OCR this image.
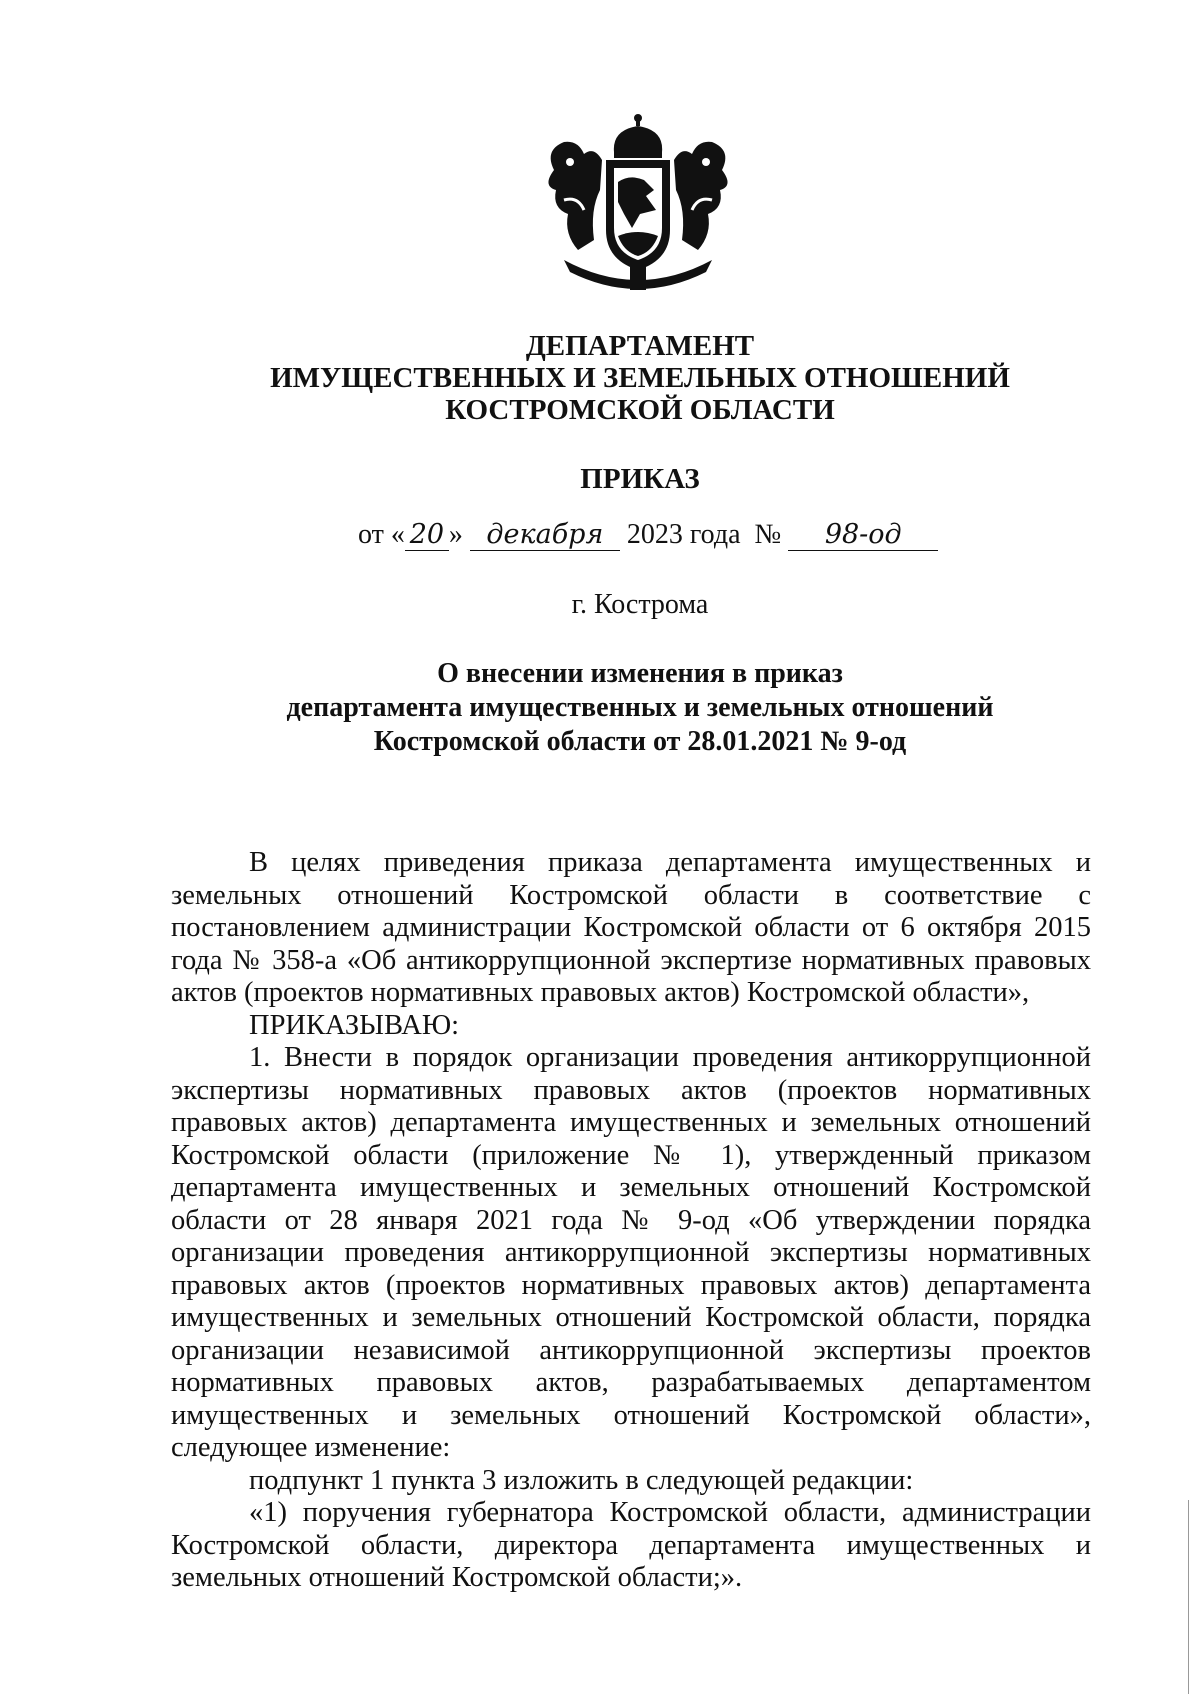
ДЕПАРТАМЕНТ
ИМУЩЕСТВЕННЫХ И ЗЕМЕЛЬНЫХ ОТНОШЕНИЙ
КОСТРОМСКОЙ ОБЛАСТИ
ПРИКАЗ
от « 20 » декабря 2023 года № 98-од
г. Кострома
О внесении изменения в приказ
департамента имущественных и земельных отношений
Костромской области от 28.01.2021 № 9-од

В целях приведения приказа департамента имущественных и земельных отношений Костромской области в соответствие с постановлением администрации Костромской области от 6 октября 2015 года № 358-а «Об антикоррупционной экспертизе нормативных правовых актов (проектов нормативных правовых актов) Костромской области»,

ПРИКАЗЫВАЮ:

1. Внести в порядок организации проведения антикоррупционной экспертизы нормативных правовых актов (проектов нормативных правовых актов) департамента имущественных и земельных отношений Костромской области (приложение № 1), утвержденный приказом департамента имущественных и земельных отношений Костромской области от 28 января 2021 года № 9-од «Об утверждении порядка организации проведения антикоррупционной экспертизы нормативных правовых актов (проектов нормативных правовых актов) департамента имущественных и земельных отношений Костромской области, порядка организации независимой антикоррупционной экспертизы проектов нормативных правовых актов, разрабатываемых департаментом имущественных и земельных отношений Костромской области», следующее изменение:

подпункт 1 пункта 3 изложить в следующей редакции:

«1) поручения губернатора Костромской области, администрации Костромской области, директора департамента имущественных и земельных отношений Костромской области;».
